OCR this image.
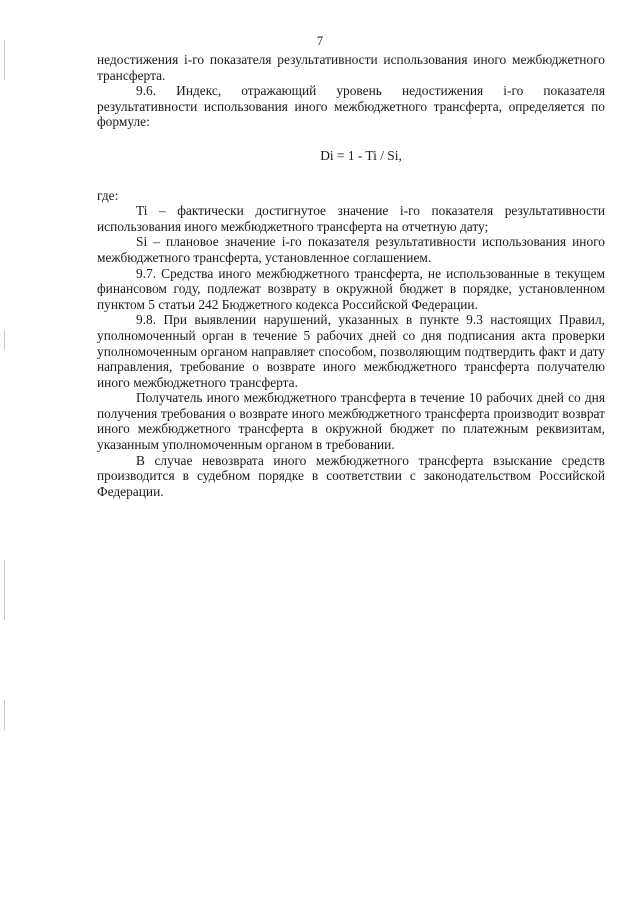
7

недостижения i-го показателя результативности использования иного межбюджетного трансферта.

9.6. Индекс, отражающий уровень недостижения i-го показателя результативности использования иного межбюджетного трансферта, определяется по формуле:

Di = 1 - Ti / Si,

где:

Ti – фактически достигнутое значение i-го показателя результативности использования иного межбюджетного трансферта на отчетную дату;

Si – плановое значение i-го показателя результативности использования иного межбюджетного трансферта, установленное соглашением.

9.7. Средства иного межбюджетного трансферта, не использованные в текущем финансовом году, подлежат возврату в окружной бюджет в порядке, установленном пунктом 5 статьи 242 Бюджетного кодекса Российской Федерации.

9.8. При выявлении нарушений, указанных в пункте 9.3 настоящих Правил, уполномоченный орган в течение 5 рабочих дней со дня подписания акта проверки уполномоченным органом направляет способом, позволяющим подтвердить факт и дату направления, требование о возврате иного межбюджетного трансферта получателю иного межбюджетного трансферта.

Получатель иного межбюджетного трансферта в течение 10 рабочих дней со дня получения требования о возврате иного межбюджетного трансферта производит возврат иного межбюджетного трансферта в окружной бюджет по платежным реквизитам, указанным уполномоченным органом в требовании.

В случае невозврата иного межбюджетного трансферта взыскание средств производится в судебном порядке в соответствии с законодательством Российской Федерации.
